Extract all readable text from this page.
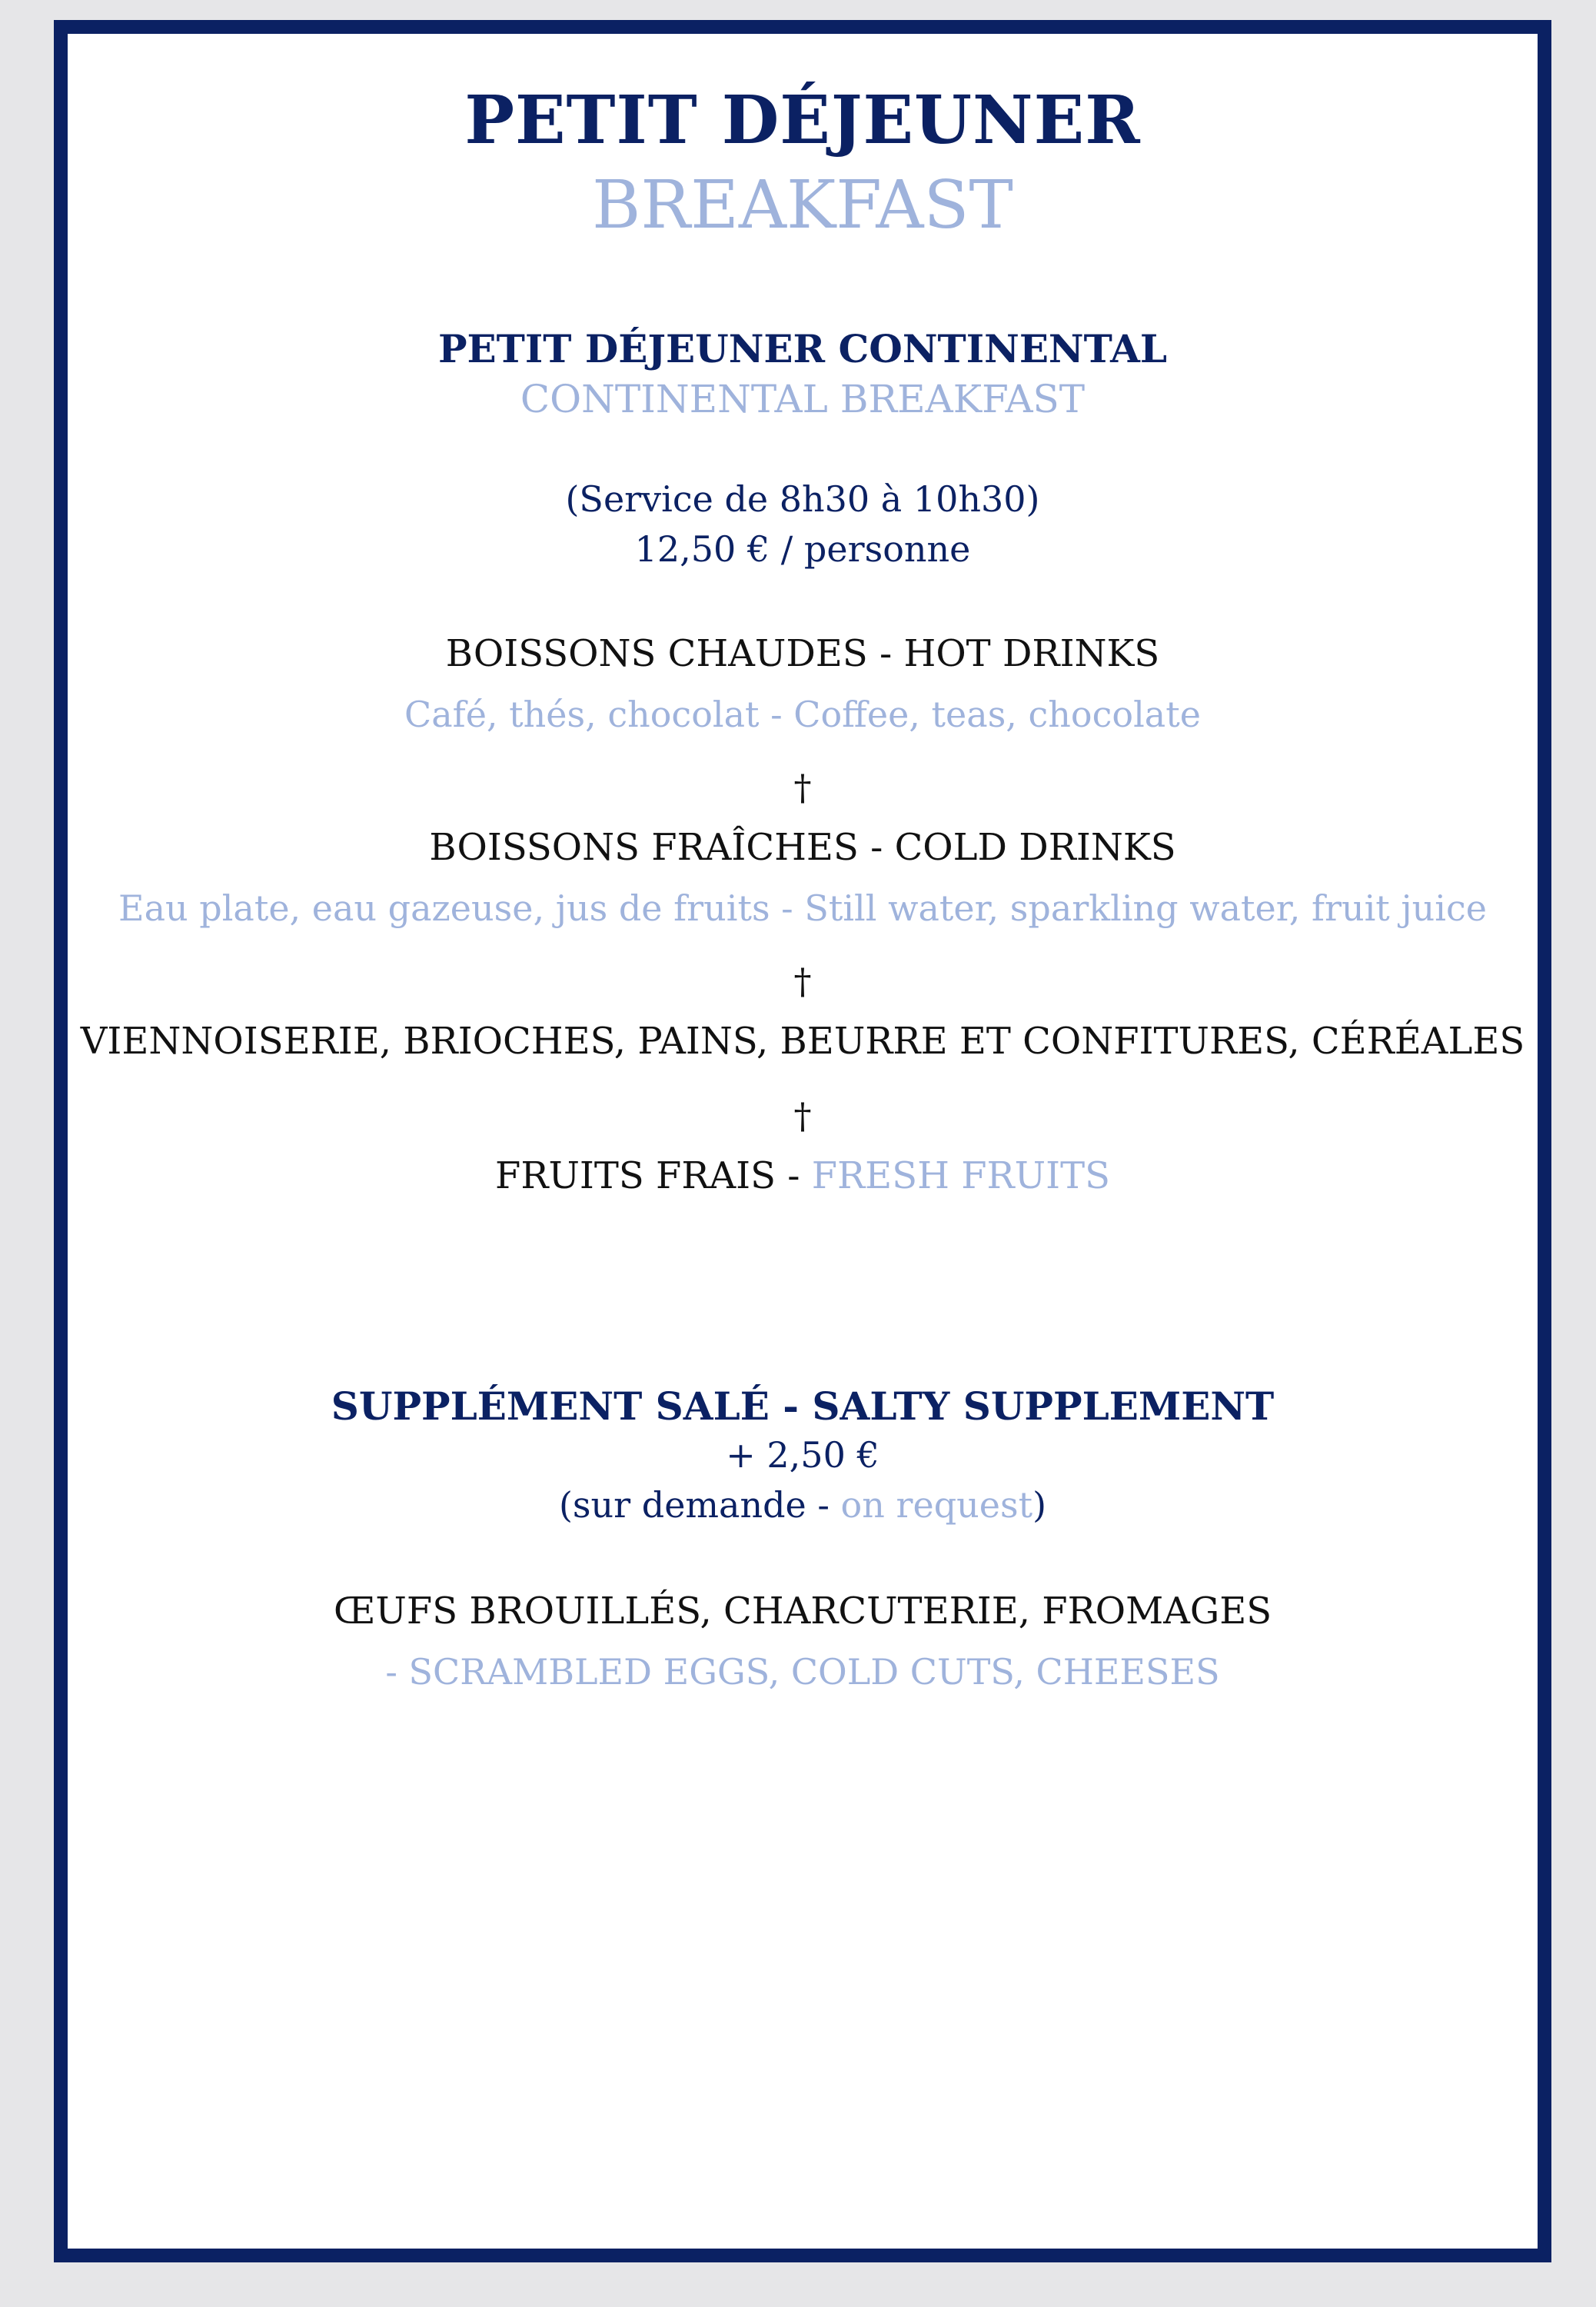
PETIT DÉJEUNER
BREAKFAST
PETIT DÉJEUNER CONTINENTAL
CONTINENTAL BREAKFAST
(Service de 8h30 à 10h30)
12,50 € / personne
BOISSONS CHAUDES - HOT DRINKS
Café, thés, chocolat - Coffee, teas, chocolate
†
BOISSONS FRAÎCHES - COLD DRINKS
Eau plate, eau gazeuse, jus de fruits - Still water, sparkling water, fruit juice
†
VIENNOISERIE, BRIOCHES, PAINS, BEURRE ET CONFITURES, CÉRÉALES
†
FRUITS FRAIS - FRESH FRUITS
SUPPLÉMENT SALÉ - SALTY SUPPLEMENT
+ 2,50 €
(sur demande - on request)
ŒUFS BROUILLÉS, CHARCUTERIE, FROMAGES
- SCRAMBLED EGGS, COLD CUTS, CHEESES
